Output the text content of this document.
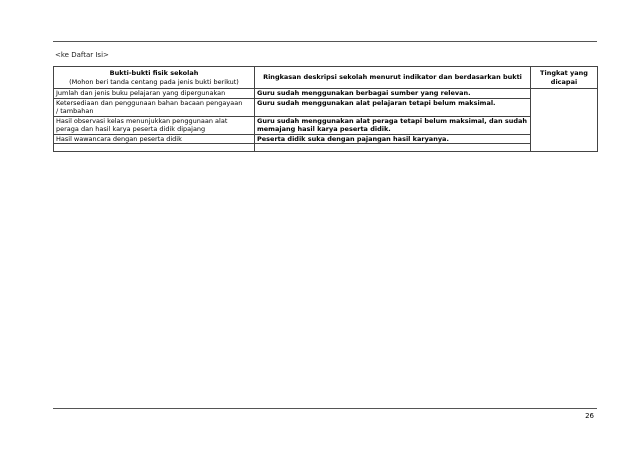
<ke Daftar Isi>
Bukti-bukti fisik sekolah
(Mohon beri tanda centang pada jenis bukti berikut)	Ringkasan deskripsi sekolah menurut indikator dan berdasarkan bukti	Tingkat yang
dicapai
Jumlah dan jenis buku pelajaran yang dipergunakan	Guru sudah menggunakan berbagai sumber yang relevan.	
Ketersediaan dan penggunaan bahan bacaan pengayaan
/ tambahan	Guru sudah menggunakan alat pelajaran tetapi belum maksimal.	
Hasil observasi kelas menunjukkan penggunaan alat
peraga dan hasil karya peserta didik dipajang	Guru sudah menggunakan alat peraga tetapi belum maksimal, dan sudah
memajang hasil karya peserta didik.	
Hasil wawancara dengan peserta didik	Peserta didik suka dengan pajangan hasil karyanya.	

26
